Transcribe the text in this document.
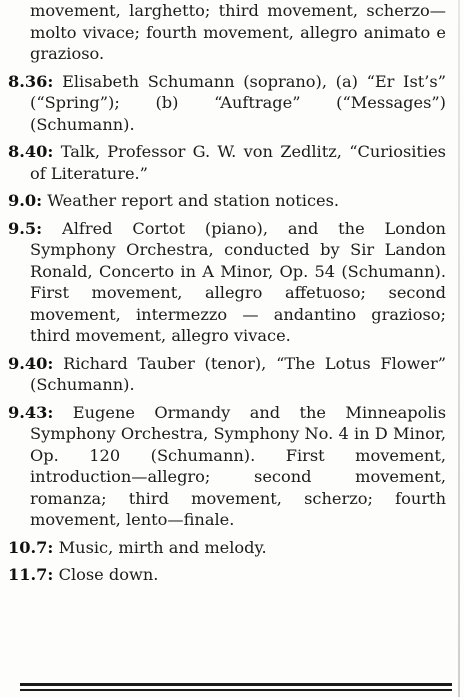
movement, larghetto; third movement, scherzo—molto vivace; fourth movement, allegro animato e grazioso.

8.36: Elisabeth Schumann (soprano), (a) “Er Ist’s” (“Spring”); (b) “Auftrage” (“Messages”) (Schumann).

8.40: Talk, Professor G. W. von Zedlitz, “Curiosities of Literature.”

9.0: Weather report and station notices.

9.5: Alfred Cortot (piano), and the London Symphony Orchestra, conducted by Sir Landon Ronald, Concerto in A Minor, Op. 54 (Schumann). First movement, allegro affetuoso; second movement, intermezzo — andantino grazioso; third movement, allegro vivace.

9.40: Richard Tauber (tenor), “The Lotus Flower” (Schumann).

9.43: Eugene Ormandy and the Minneapolis Symphony Orchestra, Symphony No. 4 in D Minor, Op. 120 (Schumann). First movement, introduction—allegro; second movement, romanza; third movement, scherzo; fourth movement, lento—finale.

10.7: Music, mirth and melody.

11.7: Close down.
